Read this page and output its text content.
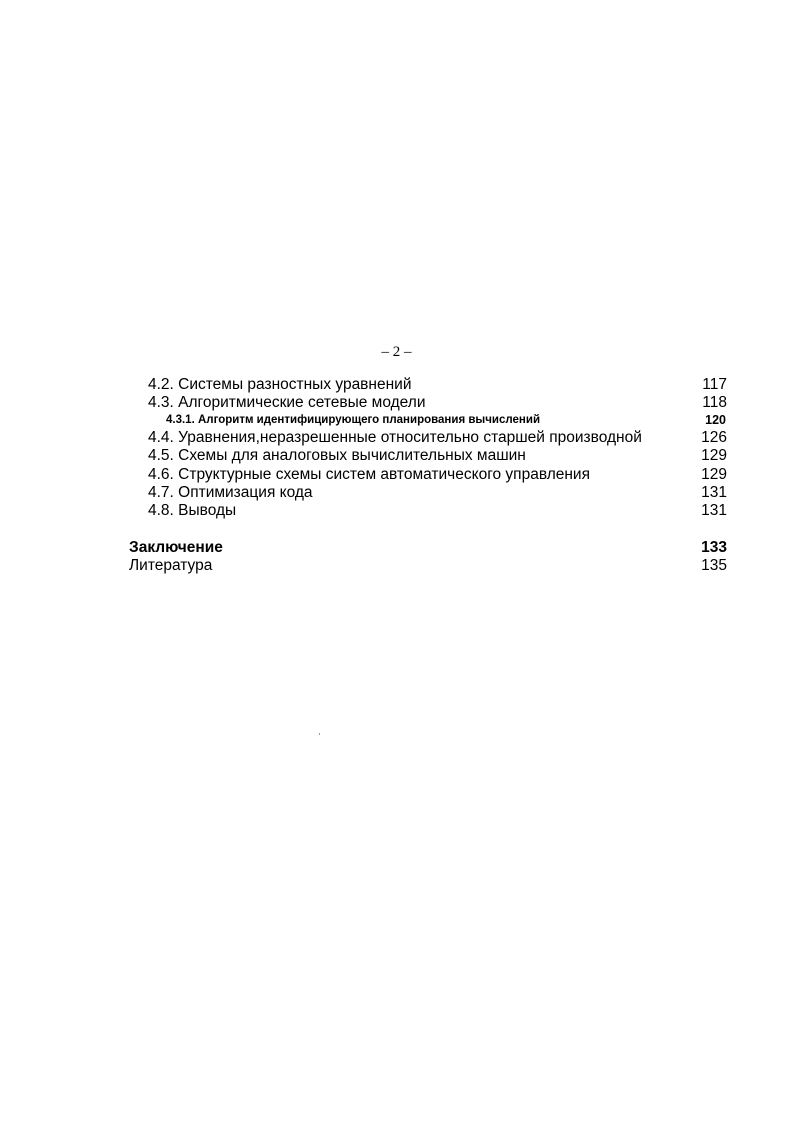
– 2 –
4.2. Системы разностных уравнений	117
4.3. Алгоритмические сетевые модели	118
4.3.1. Алгоритм идентифицирующего планирования вычислений	120
4.4. Уравнения,неразрешенные относительно старшей производной	126
4.5. Схемы для аналоговых вычислительных машин	129
4.6. Структурные схемы систем автоматического управления	129
4.7. Оптимизация кода	131
4.8. Выводы	131
Заключение	133
Литература	135
